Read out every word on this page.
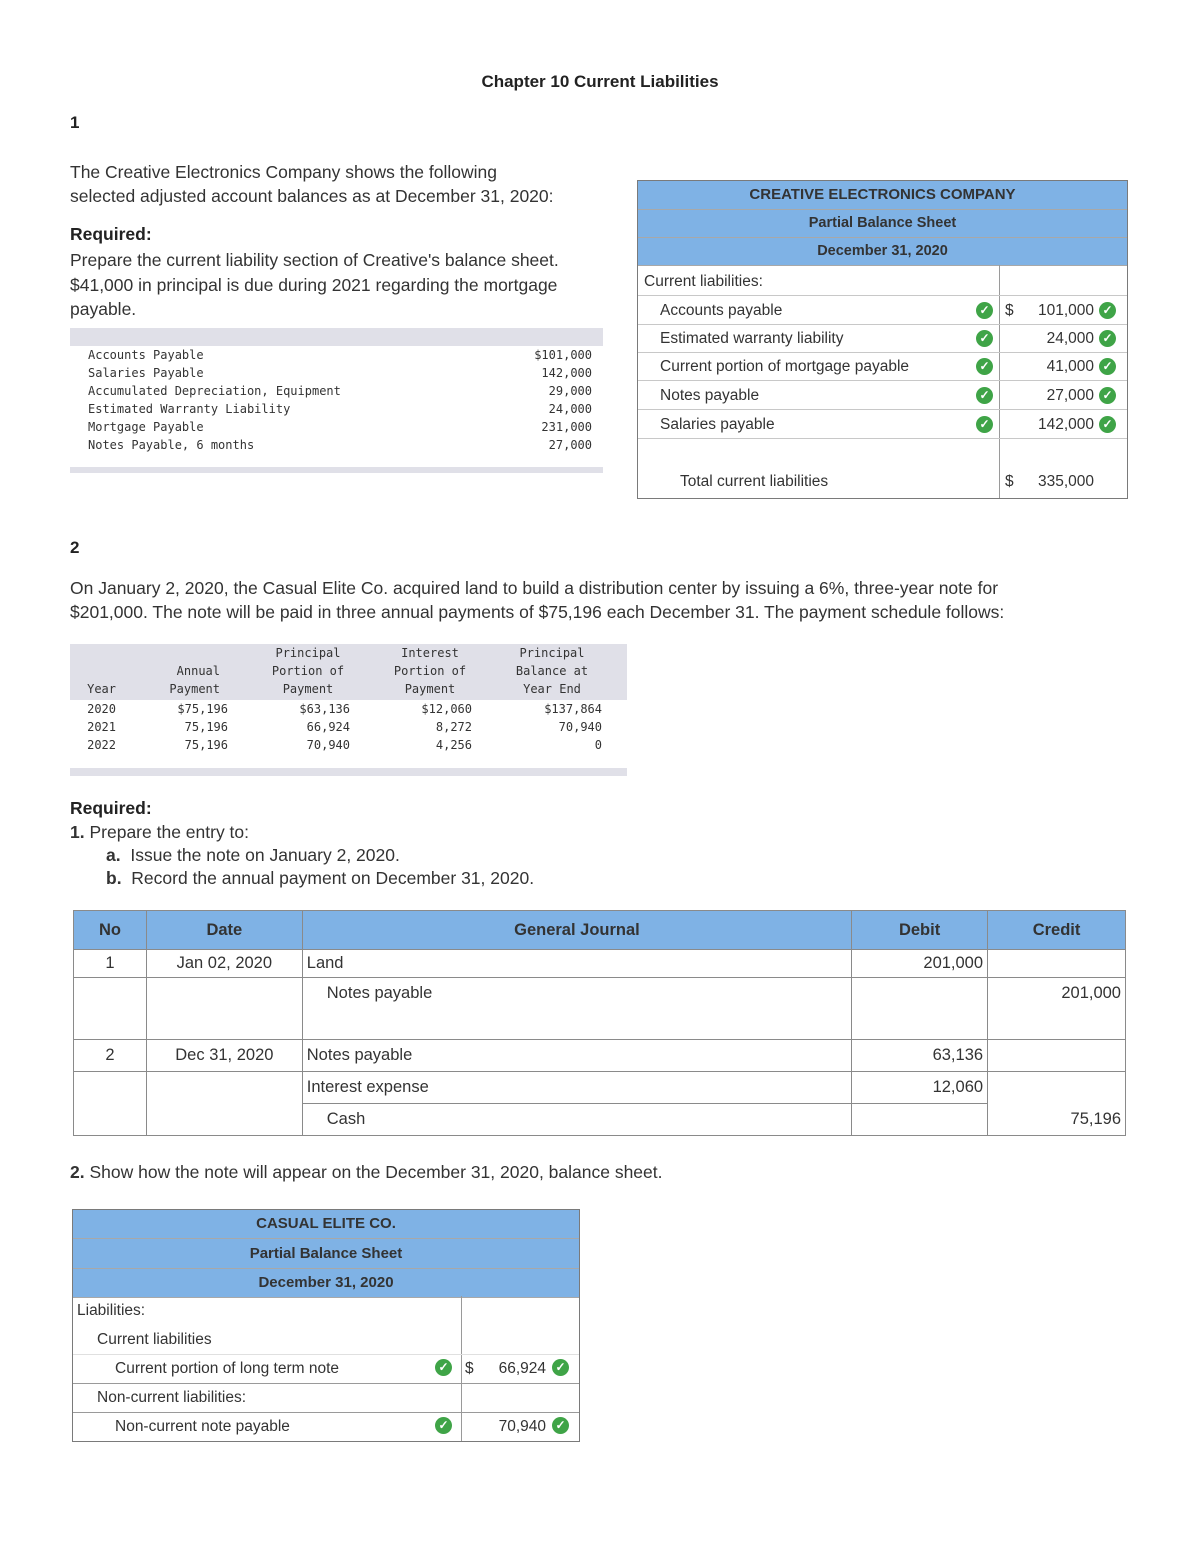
Chapter 10 Current Liabilities
1
The Creative Electronics Company shows the following
selected adjusted account balances as at December 31, 2020:
Required:
Prepare the current liability section of Creative's balance sheet.
$41,000 in principal is due during 2021 regarding the mortgage
payable.
Accounts Payable	$101,000
Salaries Payable	142,000
Accumulated Depreciation, Equipment	29,000
Estimated Warranty Liability	24,000
Mortgage Payable	231,000
Notes Payable, 6 months	27,000
CREATIVE ELECTRONICS COMPANY
Partial Balance Sheet
December 31, 2020
Current liabilities:
Accounts payable	✓ $	101,000 ✓
Estimated warranty liability	✓	24,000 ✓
Current portion of mortgage payable	✓	41,000 ✓
Notes payable	✓	27,000 ✓
Salaries payable	✓	142,000 ✓
Total current liabilities	$	335,000
2
On January 2, 2020, the Casual Elite Co. acquired land to build a distribution center by issuing a 6%, three-year note for
$201,000. The note will be paid in three annual payments of $75,196 each December 31. The payment schedule follows:
Year
Annual
Payment
Principal
Portion of
Payment
Interest
Portion of
Payment
Principal
Balance at
Year End
2020	$75,196	$63,136	$12,060	$137,864
2021	75,196	66,924	8,272	70,940
2022	75,196	70,940	4,256	0
Required:
1. Prepare the entry to:
a. Issue the note on January 2, 2020.
b. Record the annual payment on December 31, 2020.
No	Date	General Journal	Debit	Credit
1	Jan 02, 2020	Land	201,000	
		Notes payable		201,000
2	Dec 31, 2020	Notes payable	63,136	
		Interest expense	12,060	
		Cash		75,196
2. Show how the note will appear on the December 31, 2020, balance sheet.
CASUAL ELITE CO.
Partial Balance Sheet
December 31, 2020
Liabilities:
Current liabilities
Current portion of long term note	✓ $	66,924 ✓
Non-current liabilities:
Non-current note payable	✓	70,940 ✓
